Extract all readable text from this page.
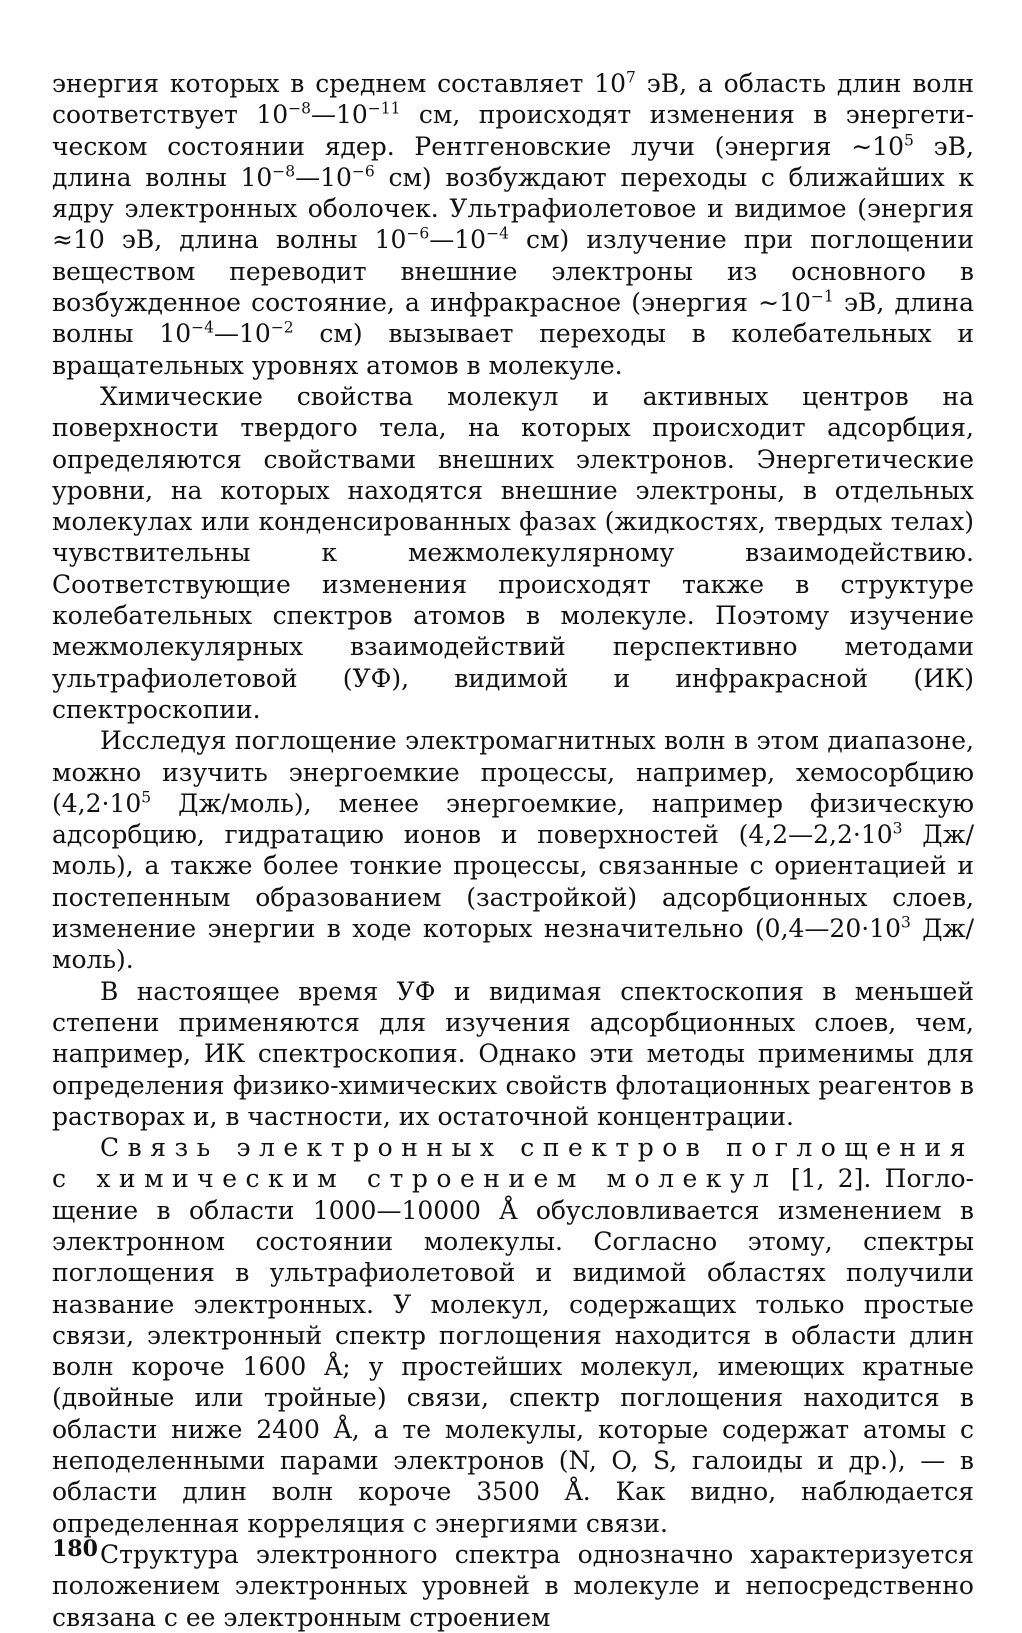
энергия которых в среднем составляет $10^7$ эВ, а область длин волн соответствует $10^{-8}—10^{-11}$ см, происходят изменения в энергетическом состоянии ядер. Рентгеновские лучи (энергия $\sim 10^5$ эВ, длина волны $10^{-8}—10^{-6}$ см) возбуждают переходы с ближайших к ядру электронных оболочек. Ультрафиолетовое и видимое (энергия ≈10 эВ, длина волны $10^{-6}—10^{-4}$ см) излучение при поглощении веществом переводит внешние электроны из основного в возбужденное состояние, а инфракрасное (энергия $\sim 10^{-1}$ эВ, длина волны $10^{-4}—10^{-2}$ см) вызывает переходы в колебательных и вращательных уровнях атомов в молекуле.

Химические свойства молекул и активных центров на поверхности твердого тела, на которых происходит адсорбция, определяются свойствами внешних электронов. Энергетические уровни, на которых находятся внешние электроны, в отдельных молекулах или конденсированных фазах (жидкостях, твердых телах) чувствительны к межмолекулярному взаимодействию. Соответствующие изменения происходят также в структуре колебательных спектров атомов в молекуле. Поэтому изучение межмолекулярных взаимодействий перспективно методами ультрафиолетовой (УФ), видимой и инфракрасной (ИК) спектроскопии.

Исследуя поглощение электромагнитных волн в этом диапазоне, можно изучить энергоемкие процессы, например, хемосорбцию ($4,2\cdot 10^5$ Дж/моль), менее энергоемкие, например физическую адсорбцию, гидратацию ионов и поверхностей ($4,2—2,2\cdot 10^3$ Дж/моль), а также более тонкие процессы, связанные с ориентацией и постепенным образованием (застройкой) адсорбционных слоев, изменение энергии в ходе которых незначительно ($0,4—20\cdot 10^3$ Дж/моль).

В настоящее время УФ и видимая спектоскопия в меньшей степени применяются для изучения адсорбционных слоев, чем, например, ИК спектроскопия. Однако эти методы применимы для определения физико-химических свойств флотационных реагентов в растворах и, в частности, их остаточной концентрации.

Связь электронных спектров поглощения с химическим строением молекул [1, 2]. Поглощение в области 1000—10000 Å обусловливается изменением в электронном состоянии молекулы. Согласно этому, спектры поглощения в ультрафиолетовой и видимой областях получили название электронных. У молекул, содержащих только простые связи, электронный спектр поглощения находится в области длин волн короче 1600 Å; у простейших молекул, имеющих кратные (двойные или тройные) связи, спектр поглощения находится в области ниже 2400 Å, а те молекулы, которые содержат атомы с неподеленными парами электронов (N, O, S, галоиды и др.), — в области длин волн короче 3500 Å. Как видно, наблюдается определенная корреляция с энергиями связи.

Структура электронного спектра однозначно характеризуется положением электронных уровней в молекуле и непосредственно связана с ее электронным строением

180
